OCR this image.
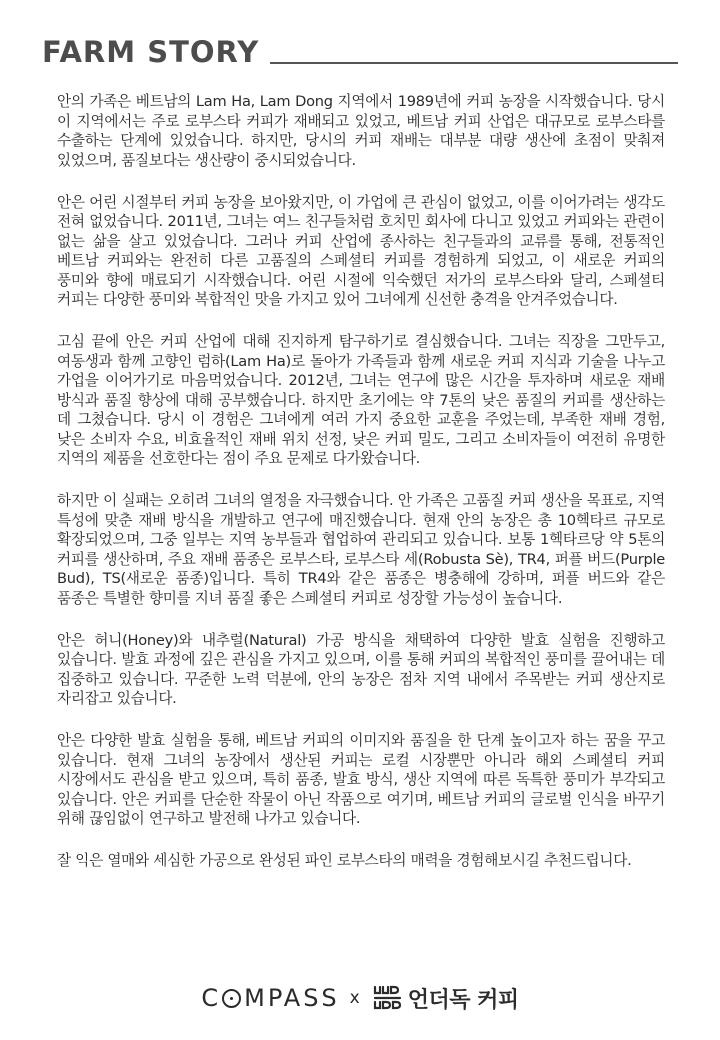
FARM STORY

안의 가족은 베트남의 Lam Ha, Lam Dong 지역에서 1989년에 커피 농장을 시작했습니다. 당시 이 지역에서는 주로 로부스타 커피가 재배되고 있었고, 베트남 커피 산업은 대규모로 로부스타를 수출하는 단계에 있었습니다. 하지만, 당시의 커피 재배는 대부분 대량 생산에 초점이 맞춰져 있었으며, 품질보다는 생산량이 중시되었습니다.

안은 어린 시절부터 커피 농장을 보아왔지만, 이 가업에 큰 관심이 없었고, 이를 이어가려는 생각도 전혀 없었습니다. 2011년, 그녀는 여느 친구들처럼 호치민 회사에 다니고 있었고 커피와는 관련이 없는 삶을 살고 있었습니다. 그러나 커피 산업에 종사하는 친구들과의 교류를 통해, 전통적인 베트남 커피와는 완전히 다른 고품질의 스페셜티 커피를 경험하게 되었고, 이 새로운 커피의 풍미와 향에 매료되기 시작했습니다. 어린 시절에 익숙했던 저가의 로부스타와 달리, 스페셜티 커피는 다양한 풍미와 복합적인 맛을 가지고 있어 그녀에게 신선한 충격을 안겨주었습니다.

고심 끝에 안은 커피 산업에 대해 진지하게 탐구하기로 결심했습니다. 그녀는 직장을 그만두고, 여동생과 함께 고향인 럼하(Lam Ha)로 돌아가 가족들과 함께 새로운 커피 지식과 기술을 나누고 가업을 이어가기로 마음먹었습니다. 2012년, 그녀는 연구에 많은 시간을 투자하며 새로운 재배 방식과 품질 향상에 대해 공부했습니다. 하지만 초기에는 약 7톤의 낮은 품질의 커피를 생산하는 데 그쳤습니다. 당시 이 경험은 그녀에게 여러 가지 중요한 교훈을 주었는데, 부족한 재배 경험, 낮은 소비자 수요, 비효율적인 재배 위치 선정, 낮은 커피 밀도, 그리고 소비자들이 여전히 유명한 지역의 제품을 선호한다는 점이 주요 문제로 다가왔습니다.

하지만 이 실패는 오히려 그녀의 열정을 자극했습니다. 안 가족은 고품질 커피 생산을 목표로, 지역 특성에 맞춘 재배 방식을 개발하고 연구에 매진했습니다. 현재 안의 농장은 총 10헥타르 규모로 확장되었으며, 그중 일부는 지역 농부들과 협업하여 관리되고 있습니다. 보통 1헥타르당 약 5톤의 커피를 생산하며, 주요 재배 품종은 로부스타, 로부스타 세(Robusta Sè), TR4, 퍼플 버드(Purple Bud), TS(새로운 품종)입니다. 특히 TR4와 같은 품종은 병충해에 강하며, 퍼플 버드와 같은 품종은 특별한 향미를 지녀 품질 좋은 스페셜티 커피로 성장할 가능성이 높습니다.

안은 허니(Honey)와 내추럴(Natural) 가공 방식을 채택하여 다양한 발효 실험을 진행하고 있습니다. 발효 과정에 깊은 관심을 가지고 있으며, 이를 통해 커피의 복합적인 풍미를 끌어내는 데 집중하고 있습니다. 꾸준한 노력 덕분에, 안의 농장은 점차 지역 내에서 주목받는 커피 생산지로 자리잡고 있습니다.

안은 다양한 발효 실험을 통해, 베트남 커피의 이미지와 품질을 한 단계 높이고자 하는 꿈을 꾸고 있습니다. 현재 그녀의 농장에서 생산된 커피는 로컬 시장뿐만 아니라 해외 스페셜티 커피 시장에서도 관심을 받고 있으며, 특히 품종, 발효 방식, 생산 지역에 따른 독특한 풍미가 부각되고 있습니다. 안은 커피를 단순한 작물이 아닌 작품으로 여기며, 베트남 커피의 글로벌 인식을 바꾸기 위해 끊임없이 연구하고 발전해 나가고 있습니다.

잘 익은 열매와 세심한 가공으로 완성된 파인 로부스타의 매력을 경험해보시길 추천드립니다.

C MPASS x 언더독 커피
